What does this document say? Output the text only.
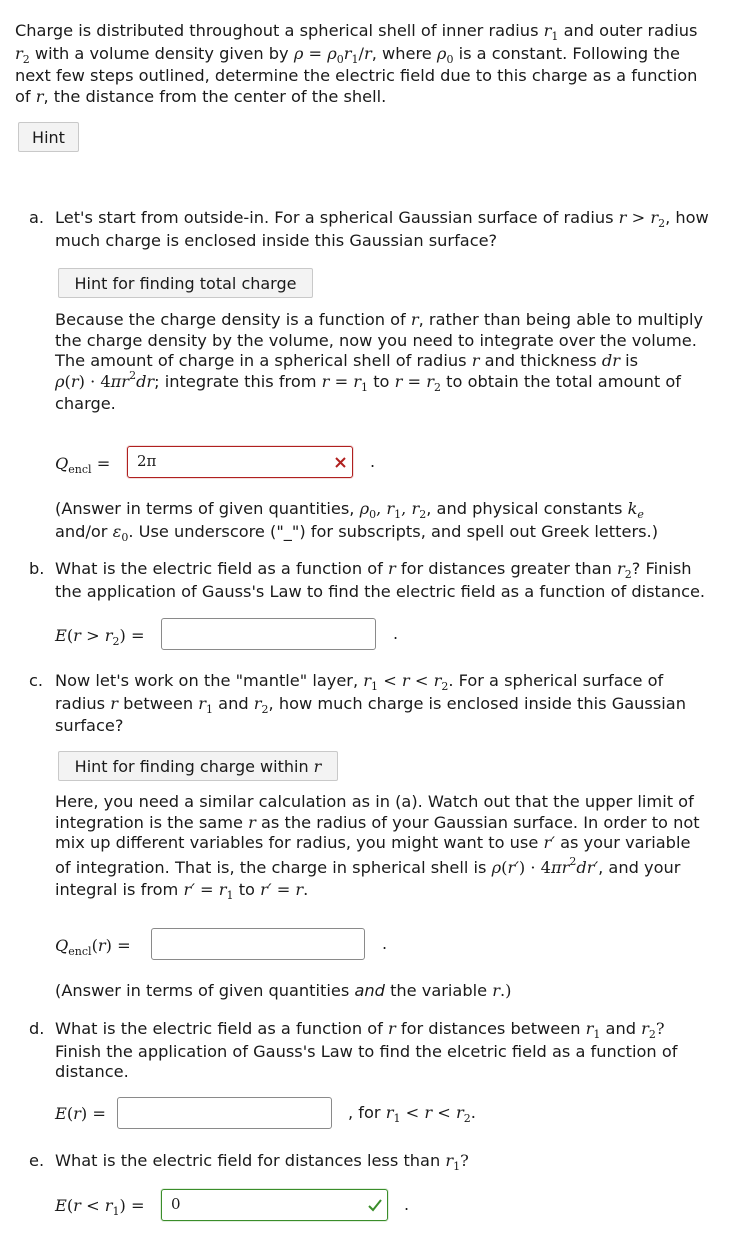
Charge is distributed throughout a spherical shell of inner radius $r_1$ and outer radius
$r_2$ with a volume density given by $\rho = \rho_0r_1/r$, where $\rho_0$ is a constant. Following the
next few steps outlined, determine the electric field due to this charge as a function
of r, the distance from the center of the shell.
Hint
a. Let's start from outside-in. For a spherical Gaussian surface of radius $r > r_2$, how
much charge is enclosed inside this Gaussian surface?
Hint for finding total charge
Because the charge density is a function of r, rather than being able to multiply
the charge density by the volume, now you need to integrate over the volume.
The amount of charge in a spherical shell of radius r and thickness dr is
$\rho(r) \cdot 4\pi r^2dr$; integrate this from $r = r_1$ to $r = r_2$ to obtain the total amount of
charge.
$Q_{encl} = 2\pi$	.
(Answer in terms of given quantities, $\rho_0$, $r_1$, $r_2$, and physical constants $k_e$
and/or $\varepsilon_0$. Use underscore ("_") for subscripts, and spell out Greek letters.)
b. What is the electric field as a function of r for distances greater than $r_2$? Finish
the application of Gauss's Law to find the electric field as a function of distance.
$E(r > r_2)$ =	.
c. Now let's work on the "mantle" layer, $r_1 < r < r_2$. For a spherical surface of
radius r between $r_1$ and $r_2$, how much charge is enclosed inside this Gaussian
surface?
Hint for finding charge within r
Here, you need a similar calculation as in (a). Watch out that the upper limit of
integration is the same r as the radius of your Gaussian surface. In order to not
mix up different variables for radius, you might want to use r′ as your variable
of integration. That is, the charge in spherical shell is $\rho(r') \cdot 4\pi r^2dr'$, and your
integral is from $r' = r_1$ to r′ = r.
$Q_{encl}(r)$ =	.
(Answer in terms of given quantities and the variable r.)
d. What is the electric field as a function of r for distances between $r_1$ and $r_2$?
Finish the application of Gauss's Law to find the elcetric field as a function of
distance.
E(r) =	, for $r_1 < r < r_2$.
e. What is the electric field for distances less than $r_1$?
$E(r < r_1) = 0$	.
